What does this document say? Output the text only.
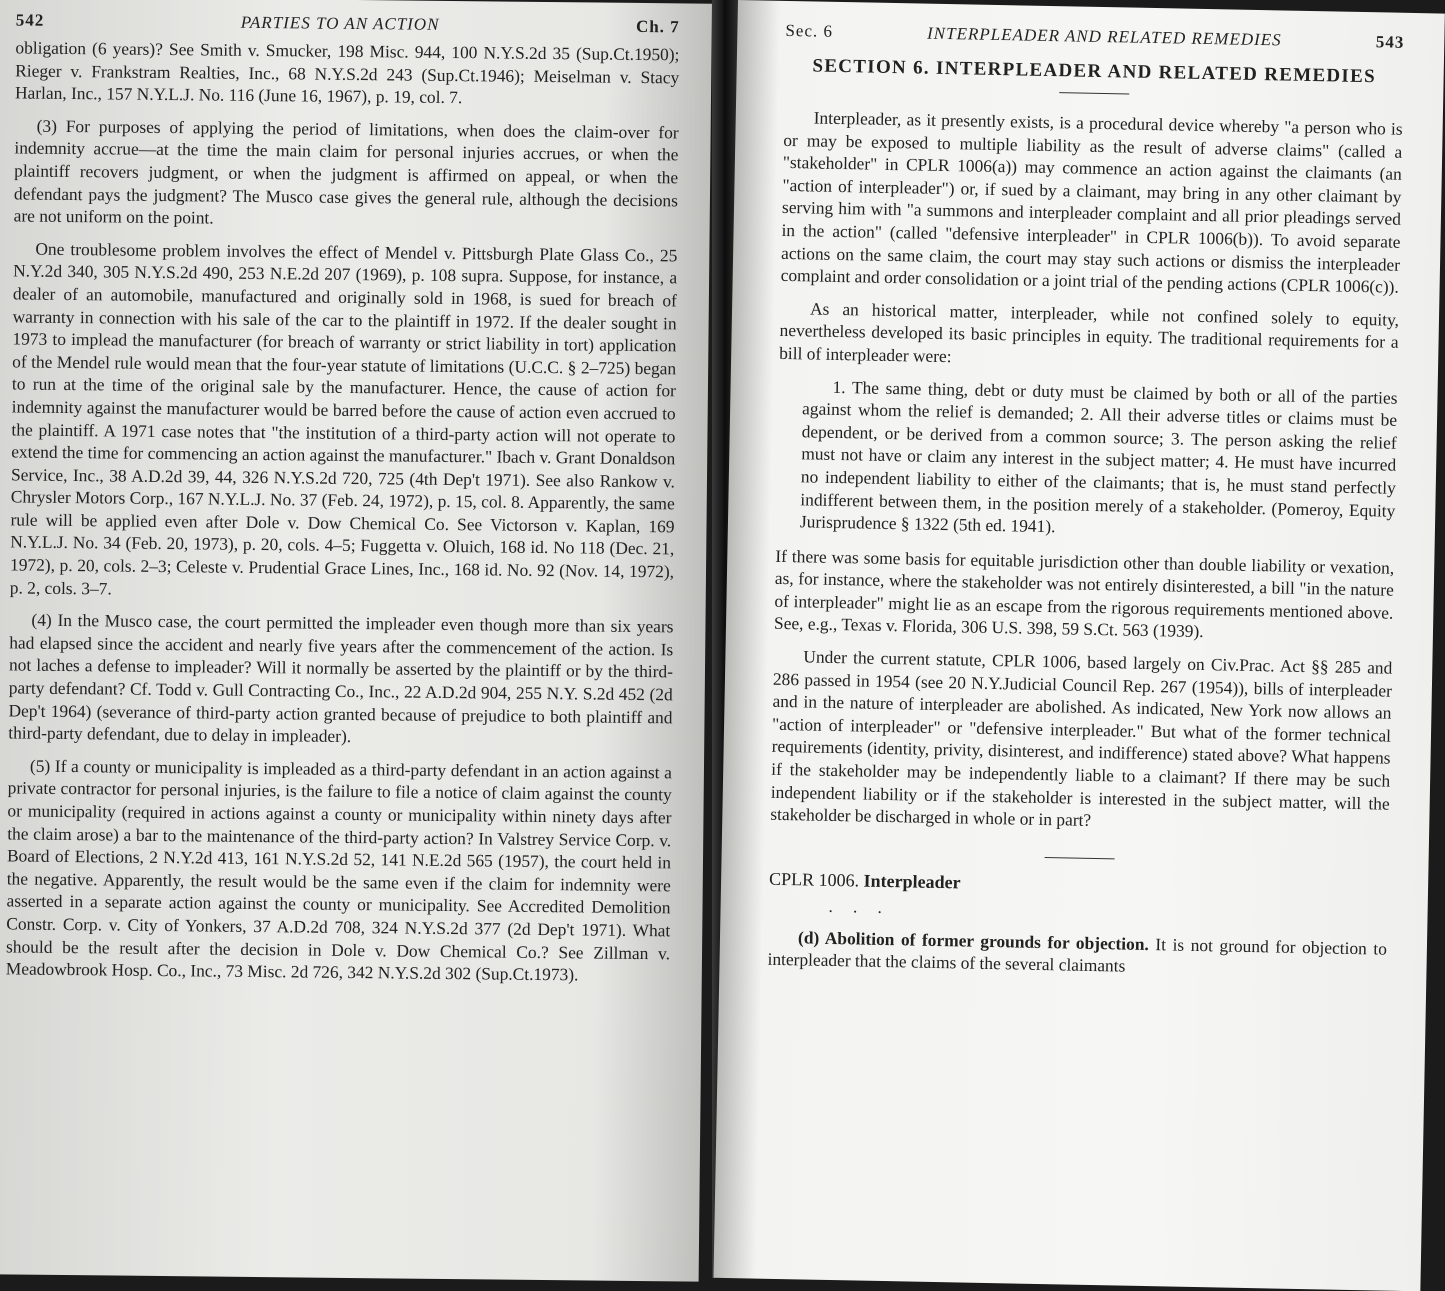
542	PARTIES TO AN ACTION	Ch. 7

obligation (6 years)? See Smith v. Smucker, 198 Misc. 944, 100 N.Y.S.2d 35 (Sup.Ct.1950); Rieger v. Frankstram Realties, Inc., 68 N.Y.S.2d 243 (Sup.Ct.1946); Meiselman v. Stacy Harlan, Inc., 157 N.Y.L.J. No. 116 (June 16, 1967), p. 19, col. 7.

(3) For purposes of applying the period of limitations, when does the claim-over for indemnity accrue—at the time the main claim for personal injuries accrues, or when the plaintiff recovers judgment, or when the judgment is affirmed on appeal, or when the defendant pays the judgment? The Musco case gives the general rule, although the decisions are not uniform on the point.

One troublesome problem involves the effect of Mendel v. Pittsburgh Plate Glass Co., 25 N.Y.2d 340, 305 N.Y.S.2d 490, 253 N.E.2d 207 (1969), p. 108 supra. Suppose, for instance, a dealer of an automobile, manufactured and originally sold in 1968, is sued for breach of warranty in connection with his sale of the car to the plaintiff in 1972. If the dealer sought in 1973 to implead the manufacturer (for breach of warranty or strict liability in tort) application of the Mendel rule would mean that the four-year statute of limitations (U.C.C. § 2–725) began to run at the time of the original sale by the manufacturer. Hence, the cause of action for indemnity against the manufacturer would be barred before the cause of action even accrued to the plaintiff. A 1971 case notes that "the institution of a third-party action will not operate to extend the time for commencing an action against the manufacturer." Ibach v. Grant Donaldson Service, Inc., 38 A.D.2d 39, 44, 326 N.Y.S.2d 720, 725 (4th Dep't 1971). See also Rankow v. Chrysler Motors Corp., 167 N.Y.L.J. No. 37 (Feb. 24, 1972), p. 15, col. 8. Apparently, the same rule will be applied even after Dole v. Dow Chemical Co. See Victorson v. Kaplan, 169 N.Y.L.J. No. 34 (Feb. 20, 1973), p. 20, cols. 4–5; Fuggetta v. Oluich, 168 id. No 118 (Dec. 21, 1972), p. 20, cols. 2–3; Celeste v. Prudential Grace Lines, Inc., 168 id. No. 92 (Nov. 14, 1972), p. 2, cols. 3–7.

(4) In the Musco case, the court permitted the impleader even though more than six years had elapsed since the accident and nearly five years after the commencement of the action. Is not laches a defense to impleader? Will it normally be asserted by the plaintiff or by the third-party defendant? Cf. Todd v. Gull Contracting Co., Inc., 22 A.D.2d 904, 255 N.Y. S.2d 452 (2d Dep't 1964) (severance of third-party action granted because of prejudice to both plaintiff and third-party defendant, due to delay in impleader).

(5) If a county or municipality is impleaded as a third-party defendant in an action against a private contractor for personal injuries, is the failure to file a notice of claim against the county or municipality (required in actions against a county or municipality within ninety days after the claim arose) a bar to the maintenance of the third-party action? In Valstrey Service Corp. v. Board of Elections, 2 N.Y.2d 413, 161 N.Y.S.2d 52, 141 N.E.2d 565 (1957), the court held in the negative. Apparently, the result would be the same even if the claim for indemnity were asserted in a separate action against the county or municipality. See Accredited Demolition Constr. Corp. v. City of Yonkers, 37 A.D.2d 708, 324 N.Y.S.2d 377 (2d Dep't 1971). What should be the result after the decision in Dole v. Dow Chemical Co.? See Zillman v. Meadowbrook Hosp. Co., Inc., 73 Misc. 2d 726, 342 N.Y.S.2d 302 (Sup.Ct.1973).

Sec. 6	INTERPLEADER AND RELATED REMEDIES	543
SECTION 6. INTERPLEADER AND RELATED REMEDIES

Interpleader, as it presently exists, is a procedural device whereby "a person who is or may be exposed to multiple liability as the result of adverse claims" (called a "stakeholder" in CPLR 1006(a)) may commence an action against the claimants (an "action of interpleader") or, if sued by a claimant, may bring in any other claimant by serving him with "a summons and interpleader complaint and all prior pleadings served in the action" (called "defensive interpleader" in CPLR 1006(b)). To avoid separate actions on the same claim, the court may stay such actions or dismiss the interpleader complaint and order consolidation or a joint trial of the pending actions (CPLR 1006(c)).

As an historical matter, interpleader, while not confined solely to equity, nevertheless developed its basic principles in equity. The traditional requirements for a bill of interpleader were:

1. The same thing, debt or duty must be claimed by both or all of the parties against whom the relief is demanded; 2. All their adverse titles or claims must be dependent, or be derived from a common source; 3. The person asking the relief must not have or claim any interest in the subject matter; 4. He must have incurred no independent liability to either of the claimants; that is, he must stand perfectly indifferent between them, in the position merely of a stakeholder. (Pomeroy, Equity Jurisprudence § 1322 (5th ed. 1941).

If there was some basis for equitable jurisdiction other than double liability or vexation, as, for instance, where the stakeholder was not entirely disinterested, a bill "in the nature of interpleader" might lie as an escape from the rigorous requirements mentioned above. See, e.g., Texas v. Florida, 306 U.S. 398, 59 S.Ct. 563 (1939).

Under the current statute, CPLR 1006, based largely on Civ.Prac. Act §§ 285 and 286 passed in 1954 (see 20 N.Y.Judicial Council Rep. 267 (1954)), bills of interpleader and in the nature of interpleader are abolished. As indicated, New York now allows an "action of interpleader" or "defensive interpleader." But what of the former technical requirements (identity, privity, disinterest, and indifference) stated above? What happens if the stakeholder may be independently liable to a claimant? If there may be such independent liability or if the stakeholder is interested in the subject matter, will the stakeholder be discharged in whole or in part?

CPLR 1006. Interpleader
. . .

(d) Abolition of former grounds for objection. It is not ground for objection to interpleader that the claims of the several claimants
